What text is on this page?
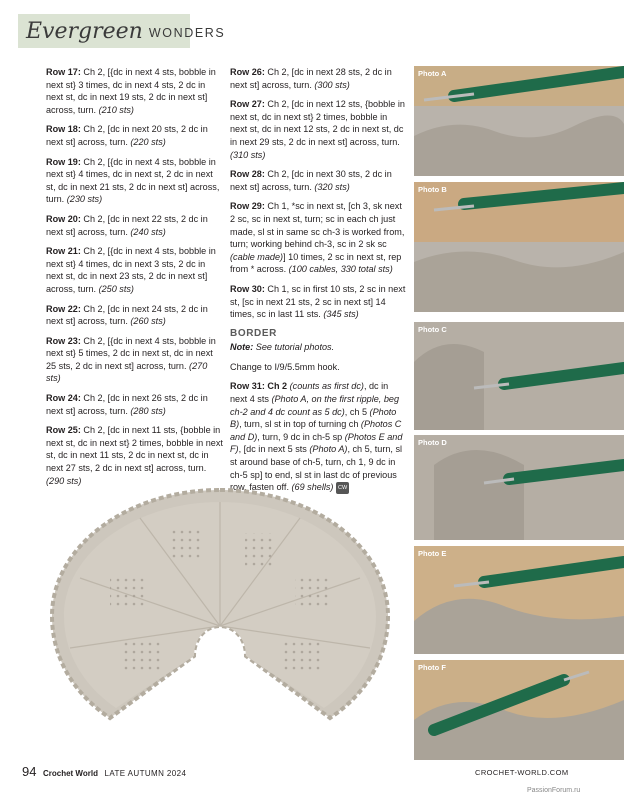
Evergreen WONDERS

Row 17: Ch 2, [{dc in next 4 sts, bobble in next st} 3 times, dc in next 4 sts, 2 dc in next st, dc in next 19 sts, 2 dc in next st] across, turn. (210 sts)

Row 18: Ch 2, [dc in next 20 sts, 2 dc in next st] across, turn. (220 sts)

Row 19: Ch 2, [{dc in next 4 sts, bobble in next st} 4 times, dc in next st, 2 dc in next st, dc in next 21 sts, 2 dc in next st] across, turn. (230 sts)

Row 20: Ch 2, [dc in next 22 sts, 2 dc in next st] across, turn. (240 sts)

Row 21: Ch 2, [{dc in next 4 sts, bobble in next st} 4 times, dc in next 3 sts, 2 dc in next st, dc in next 23 sts, 2 dc in next st] across, turn. (250 sts)

Row 22: Ch 2, [dc in next 24 sts, 2 dc in next st] across, turn. (260 sts)

Row 23: Ch 2, [{dc in next 4 sts, bobble in next st} 5 times, 2 dc in next st, dc in next 25 sts, 2 dc in next st] across, turn. (270 sts)

Row 24: Ch 2, [dc in next 26 sts, 2 dc in next st] across, turn. (280 sts)

Row 25: Ch 2, [dc in next 11 sts, {bobble in next st, dc in next st} 2 times, bobble in next st, dc in next 11 sts, 2 dc in next st, dc in next 27 sts, 2 dc in next st] across, turn. (290 sts)

Row 26: Ch 2, [dc in next 28 sts, 2 dc in next st] across, turn. (300 sts)

Row 27: Ch 2, [dc in next 12 sts, {bobble in next st, dc in next st} 2 times, bobble in next st, dc in next 12 sts, 2 dc in next st, dc in next 29 sts, 2 dc in next st] across, turn. (310 sts)

Row 28: Ch 2, [dc in next 30 sts, 2 dc in next st] across, turn. (320 sts)

Row 29: Ch 1, *sc in next st, [ch 3, sk next 2 sc, sc in next st, turn; sc in each ch just made, sl st in same sc ch-3 is worked from, turn; working behind ch-3, sc in 2 sk sc (cable made)] 10 times, 2 sc in next st, rep from * across. (100 cables, 330 total sts)

Row 30: Ch 1, sc in first 10 sts, 2 sc in next st, [sc in next 21 sts, 2 sc in next st] 14 times, sc in last 11 sts. (345 sts)

BORDER

Note: See tutorial photos.

Change to I/9/5.5mm hook.

Row 31: Ch 2 (counts as first dc), dc in next 4 sts (Photo A, on the first ripple, beg ch-2 and 4 dc count as 5 dc), ch 5 (Photo B), turn, sl st in top of turning ch (Photos C and D), turn, 9 dc in ch-5 sp (Photos E and F), [dc in next 5 sts (Photo A), ch 5, turn, sl st around base of ch-5, turn, ch 1, 9 dc in ch-5 sp] to end, sl st in last dc of previous row, fasten off. (69 shells) CW

Photo A
Photo B
Photo C
Photo D
Photo E
Photo F
94 Crochet World LATE AUTUMN 2024	CROCHET-WORLD.COM
PassionForum.ru
